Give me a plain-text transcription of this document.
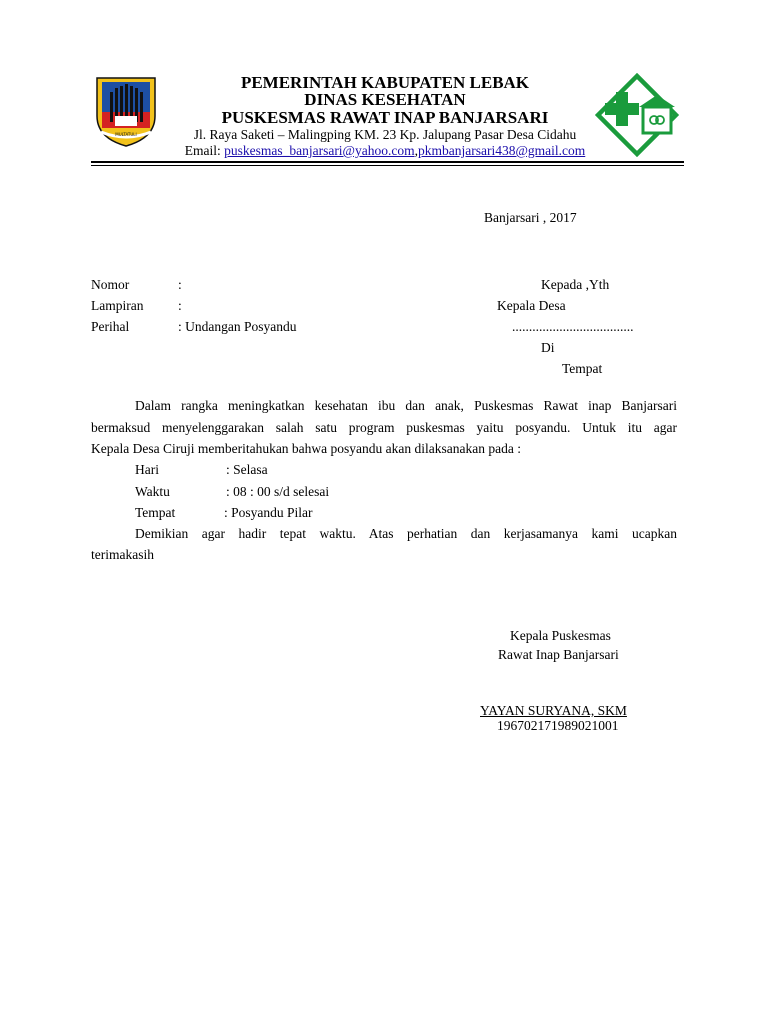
MULTATULI
PEMERINTAH KABUPATEN LEBAK
DINAS KESEHATAN
PUSKESMAS RAWAT INAP BANJARSARI
Jl. Raya Saketi – Malingping KM. 23 Kp. Jalupang Pasar Desa Cidahu
Email: puskesmas_banjarsari@yahoo.com,pkmbanjarsari438@gmail.com
Banjarsari , 2017
Nomor	:
Lampiran	:
Perihal	: Undangan Posyandu
Kepada ,Yth
Kepala Desa
....................................
Di
Tempat
Dalam rangka meningkatkan kesehatan ibu dan anak, Puskesmas Rawat inap Banjarsari
bermaksud menyelenggarakan salah satu program puskesmas yaitu posyandu. Untuk itu agar
Kepala Desa Ciruji memberitahukan bahwa posyandu akan dilaksanakan pada :
Hari	: Selasa
Waktu	: 08 : 00 s/d selesai
Tempat	: Posyandu Pilar
Demikian agar hadir tepat waktu. Atas perhatian dan kerjasamanya kami ucapkan
terimakasih
Kepala Puskesmas
Rawat Inap Banjarsari
YAYAN SURYANA, SKM
196702171989021001
